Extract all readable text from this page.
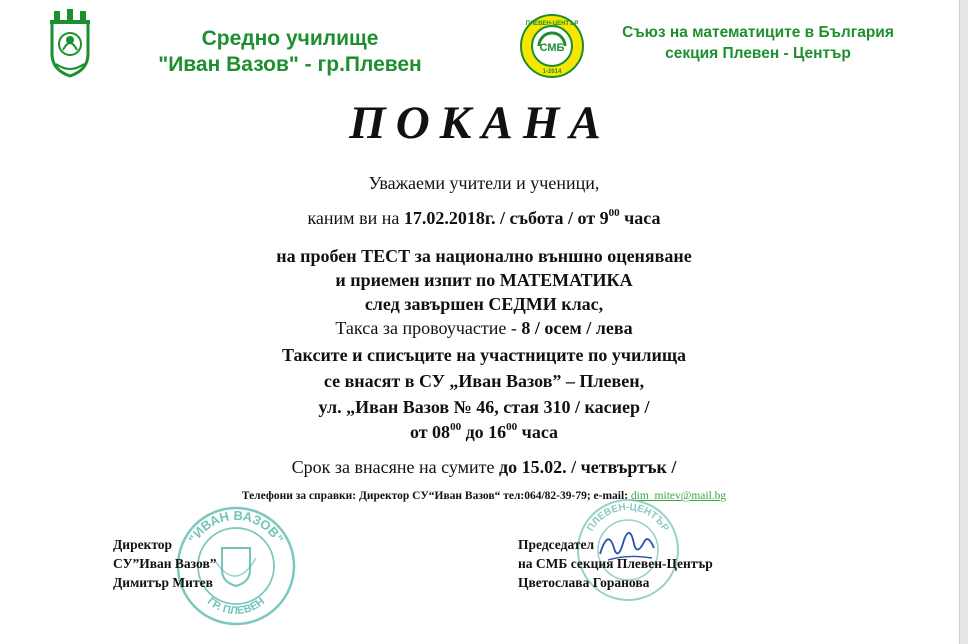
Средно училище
"Иван Вазов" - гр.Плевен
СМБ
ПЛЕВЕН-ЦЕНТЪР
1-2014
Съюз на математиците в България
секция Плевен - Център
ПОКАНА
Уважаеми учители и ученици,
каним ви на 17.02.2018г. / събота / от $9^{00}$ часа
на пробен ТЕСТ за национално външно оценяване
и приемен изпит по МАТЕМАТИКА
след завършен СЕДМИ клас,
Такса за провоучастие - 8 / осем / лева
Таксите и списъците на участниците по училища
се внасят в СУ „Иван Вазов” – Плевен,
ул. „Иван Вазов № 46, стая 310 / касиер /
от $08^{00}$ до $16^{00}$ часа
Срок за внасяне на сумите до 15.02. / четвъртък /
Телефони за справки: Директор СУ“Иван Вазов“ тел:064/82-39-79; e-mail: dim_mitev@mail.bg
"ИВАН ВАЗОВ"
ГР. ПЛЕВЕН
ПЛЕВЕН-ЦЕНТЪР
Директор
СУ”Иван Вазов”
Димитър Митев
Председател
на СМБ секция Плевен-Център
Цветослава Горанова
